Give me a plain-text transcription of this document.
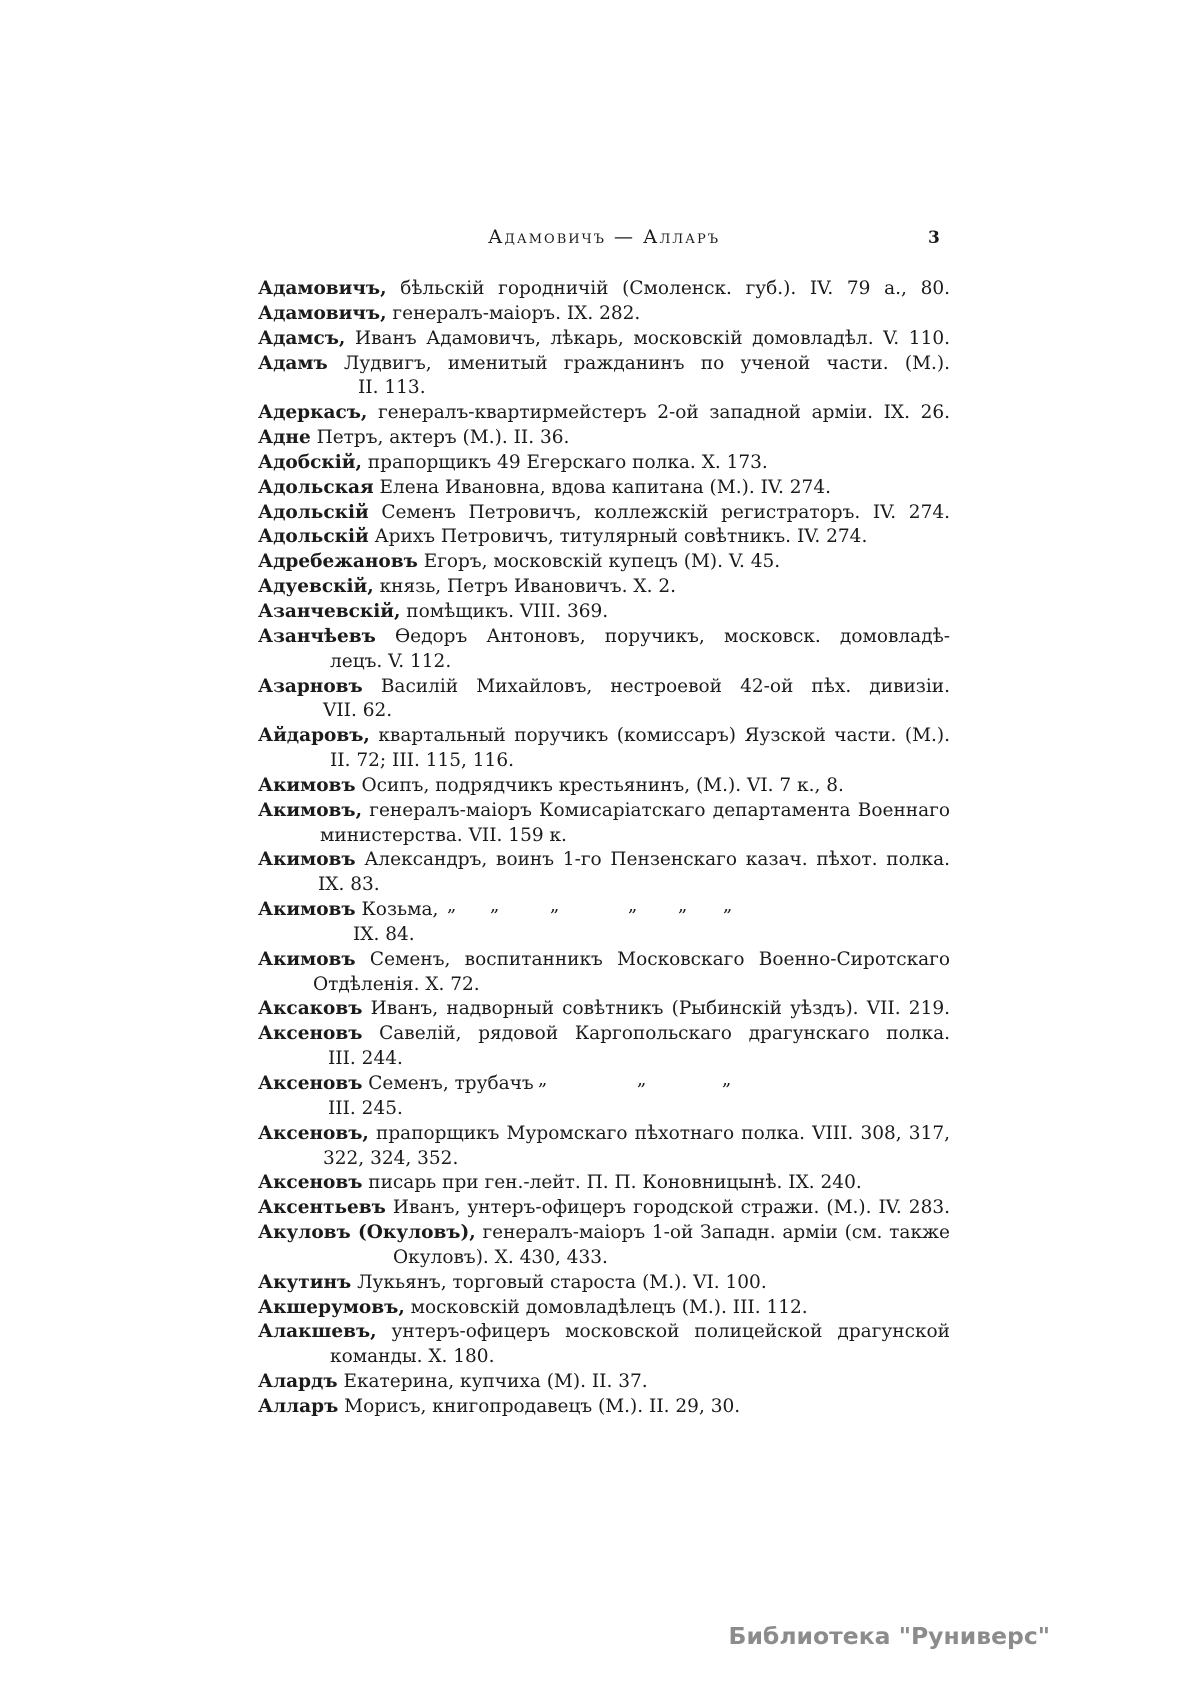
Адамовичъ — Алларъ	3
Адамовичъ, бѣльскій городничій (Смоленск. губ.). IV. 79 а., 80.
Адамовичъ, генералъ-маіоръ. IX. 282.
Адамсъ, Иванъ Адамовичъ, лѣкарь, московскій домовладѣл. V. 110.
Адамъ Лудвигъ, именитый гражданинъ по ученой части. (М.).
II. 113.
Адеркасъ, генералъ-квартирмейстеръ 2-ой западной арміи. IX. 26.
Адне Петръ, актеръ (М.). II. 36.
Адобскій, прапорщикъ 49 Егерскаго полка. X. 173.
Адольская Елена Ивановна, вдова капитана (М.). IV. 274.
Адольскій Семенъ Петровичъ, коллежскій регистраторъ. IV. 274.
Адольскій Арихъ Петровичъ, титулярный совѣтникъ. IV. 274.
Адребежановъ Егоръ, московскій купецъ (М). V. 45.
Адуевскій, князь, Петръ Ивановичъ. X. 2.
Азанчевскій, помѣщикъ. VIII. 369.
Азанчѣевъ Ѳедоръ Антоновъ, поручикъ, московск. домовладѣ-
лецъ. V. 112.
Азарновъ Василій Михайловъ, нестроевой 42-ой пѣх. дивизіи.
VII. 62.
Айдаровъ, квартальный поручикъ (комиссаръ) Яузской части. (М.).
II. 72; III. 115, 116.
Акимовъ Осипъ, подрядчикъ крестьянинъ, (М.). VI. 7 к., 8.
Акимовъ, генералъ-маіоръ Комисаріатскаго департамента Военнаго
министерства. VII. 159 к.
Акимовъ Александръ, воинъ 1-го Пензенскаго казач. пѣхот. полка.
IX. 83.
Акимовъ Козьма, „ „	„	„ „ „
IX. 84.
Акимовъ Семенъ, воспитанникъ Московскаго Военно-Сиротскаго
Отдѣленія. X. 72.
Аксаковъ Иванъ, надворный совѣтникъ (Рыбинскій уѣздъ). VII. 219.
Аксеновъ Савелій, рядовой Каргопольскаго драгунскаго полка.
III. 244.
Аксеновъ Семенъ, трубачъ „	„	„
III. 245.
Аксеновъ, прапорщикъ Муромскаго пѣхотнаго полка. VIII. 308, 317,
322, 324, 352.
Аксеновъ писарь при ген.-лейт. П. П. Коновницынѣ. IX. 240.
Аксентьевъ Иванъ, унтеръ-офицеръ городской стражи. (М.). IV. 283.
Акуловъ (Окуловъ), генералъ-маіоръ 1-ой Западн. арміи (см. также
Окуловъ). X. 430, 433.
Акутинъ Лукьянъ, торговый староста (М.). VI. 100.
Акшерумовъ, московскій домовладѣлецъ (М.). III. 112.
Алакшевъ, унтеръ-офицеръ московской полицейской драгунской
команды. X. 180.
Алардъ Екатерина, купчиха (М). II. 37.
Алларъ Морисъ, книгопродавецъ (М.). II. 29, 30.
Библиотека "Руниверс"
